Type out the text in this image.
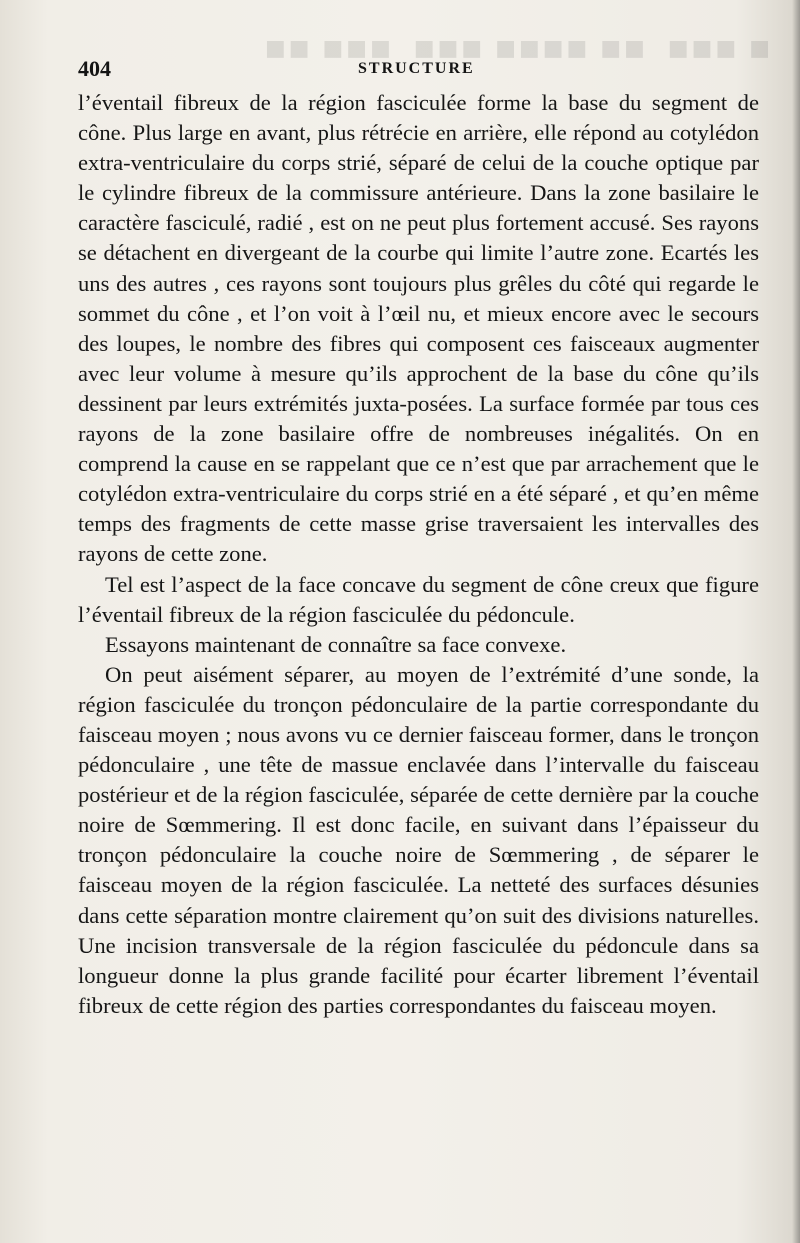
■ ■■■  ■■ ■■■■ ■■■  ■■■ ■■
404	STRUCTURE

l’éventail fibreux de la région fasciculée forme la base du segment de cône. Plus large en avant, plus rétrécie en arrière, elle répond au cotylédon extra-ventriculaire du corps strié, séparé de celui de la couche optique par le cylindre fibreux de la commissure antérieure. Dans la zone basilaire le caractère fasciculé, radié , est on ne peut plus fortement accusé. Ses rayons se détachent en divergeant de la courbe qui limite l’autre zone. Ecartés les uns des autres , ces rayons sont toujours plus grêles du côté qui regarde le sommet du cône , et l’on voit à l’œil nu, et mieux encore avec le secours des loupes, le nombre des fibres qui composent ces faisceaux augmenter avec leur volume à mesure qu’ils approchent de la base du cône qu’ils dessinent par leurs extrémités juxta-posées. La surface formée par tous ces rayons de la zone basilaire offre de nombreuses inégalités. On en comprend la cause en se rappelant que ce n’est que par arrachement que le cotylédon extra-ventriculaire du corps strié en a été séparé , et qu’en même temps des fragments de cette masse grise traversaient les intervalles des rayons de cette zone.

Tel est l’aspect de la face concave du segment de cône creux que figure l’éventail fibreux de la région fasciculée du pédoncule.

Essayons maintenant de connaître sa face convexe.

On peut aisément séparer, au moyen de l’extrémité d’une sonde, la région fasciculée du tronçon pédonculaire de la partie correspondante du faisceau moyen ; nous avons vu ce dernier faisceau former, dans le tronçon pédonculaire , une tête de massue enclavée dans l’intervalle du faisceau postérieur et de la région fasciculée, séparée de cette dernière par la couche noire de Sœmmering. Il est donc facile, en suivant dans l’épaisseur du tronçon pédonculaire la couche noire de Sœmmering , de séparer le faisceau moyen de la région fasciculée. La netteté des surfaces désunies dans cette séparation montre clairement qu’on suit des divisions naturelles. Une incision transversale de la région fasciculée du pédoncule dans sa longueur donne la plus grande facilité pour écarter librement l’éventail fibreux de cette région des parties correspondantes du faisceau moyen.
